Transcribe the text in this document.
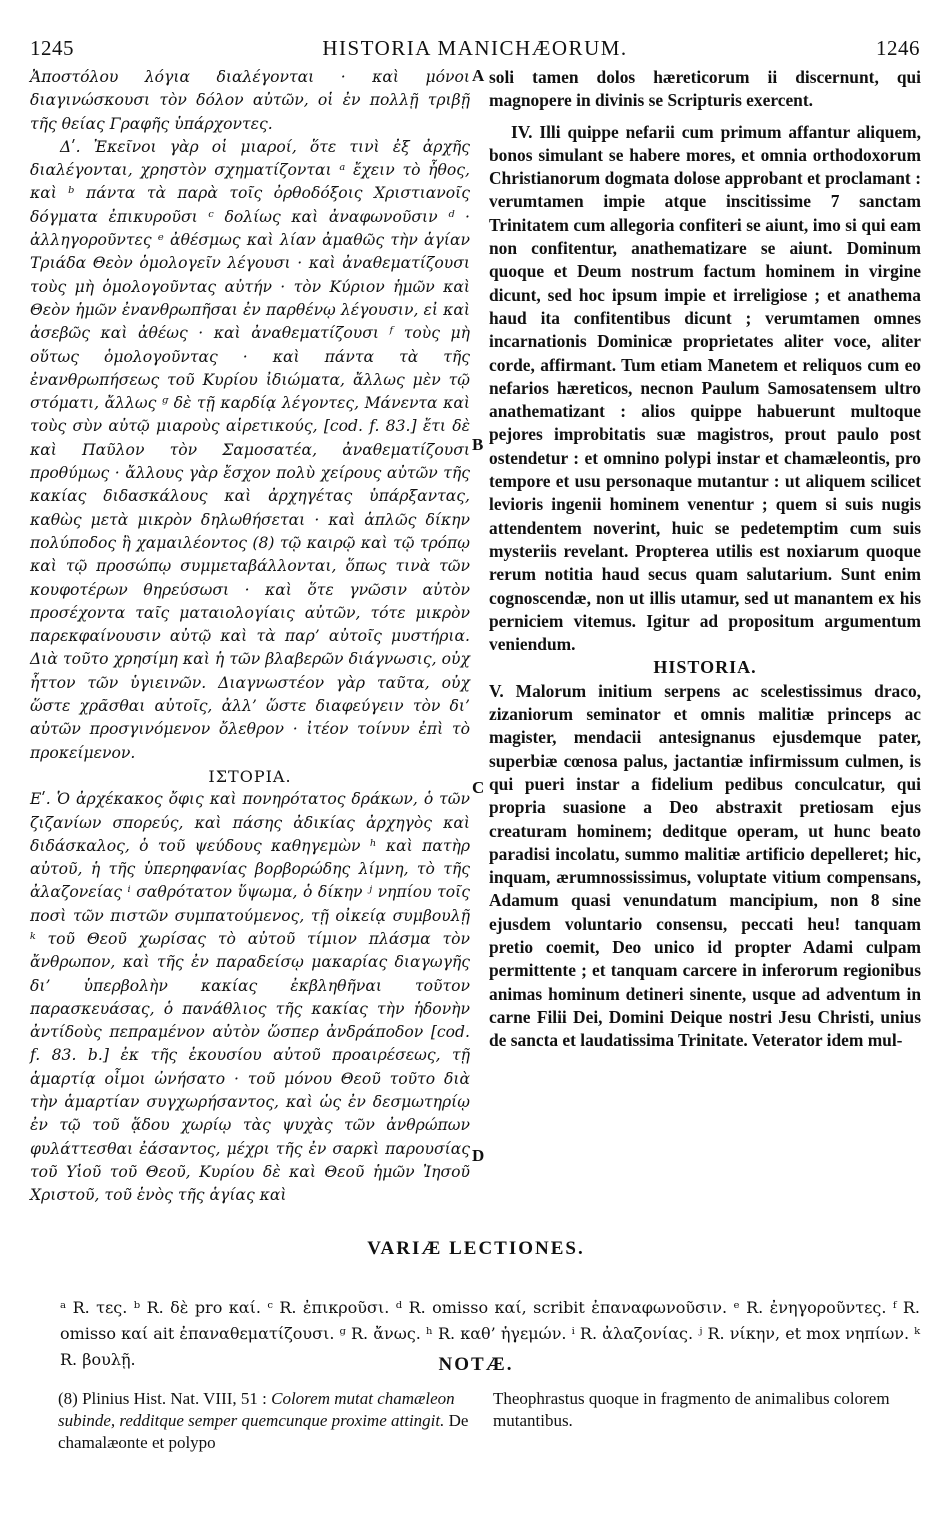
1245	HISTORIA MANICHÆORUM.	1246

Ἀποστόλου λόγια διαλέγονται · καὶ μόνοι διαγινώσκουσι τὸν δόλον αὐτῶν, οἱ ἐν πολλῇ τριβῇ τῆς θείας Γραφῆς ὑπάρχοντες.

Δʹ. Ἐκεῖνοι γὰρ οἱ μιαροί, ὅτε τινὶ ἐξ ἀρχῆς διαλέγονται, χρηστὸν σχηματίζονται ᵃ ἔχειν τὸ ἦθος, καὶ ᵇ πάντα τὰ παρὰ τοῖς ὀρθοδόξοις Χριστιανοῖς δόγματα ἐπικυροῦσι ᶜ δολίως καὶ ἀναφωνοῦσιν ᵈ · ἀλληγοροῦντες ᵉ ἀθέσμως καὶ λίαν ἀμαθῶς τὴν ἁγίαν Τριάδα Θεὸν ὁμολογεῖν λέγουσι · καὶ ἀναθεματίζουσι τοὺς μὴ ὁμολογοῦντας αὐτήν · τὸν Κύριον ἡμῶν καὶ Θεὸν ἡμῶν ἐνανθρωπῆσαι ἐν παρθένῳ λέγουσιν, εἰ καὶ ἀσεβῶς καὶ ἀθέως · καὶ ἀναθεματίζουσι ᶠ τοὺς μὴ οὕτως ὁμολογοῦντας · καὶ πάντα τὰ τῆς ἐνανθρωπήσεως τοῦ Κυρίου ἰδιώματα, ἄλλως μὲν τῷ στόματι, ἄλλως ᵍ δὲ τῇ καρδίᾳ λέγοντες, Μάνεντα καὶ τοὺς σὺν αὐτῷ μιαροὺς αἱρετικούς, [cod. f. 83.] ἔτι δὲ καὶ Παῦλον τὸν Σαμοσατέα, ἀναθεματίζουσι προθύμως · ἄλλους γὰρ ἔσχον πολὺ χείρους αὐτῶν τῆς κακίας διδασκάλους καὶ ἀρχηγέτας ὑπάρξαντας, καθὼς μετὰ μικρὸν δηλωθήσεται · καὶ ἁπλῶς δίκην πολύποδος ἢ χαμαιλέοντος (8) τῷ καιρῷ καὶ τῷ τρόπῳ καὶ τῷ προσώπῳ συμμεταβάλλονται, ὅπως τινὰ τῶν κουφοτέρων θηρεύσωσι · καὶ ὅτε γνῶσιν αὐτὸν προσέχοντα ταῖς ματαιολογίαις αὐτῶν, τότε μικρὸν παρεκφαίνουσιν αὐτῷ καὶ τὰ παρ’ αὐτοῖς μυστήρια. Διὰ τοῦτο χρησίμη καὶ ἡ τῶν βλαβερῶν διάγνωσις, οὐχ ἧττον τῶν ὑγιεινῶν. Διαγνωστέον γὰρ ταῦτα, οὐχ ὥστε χρᾶσθαι αὐτοῖς, ἀλλ’ ὥστε διαφεύγειν τὸν δι’ αὐτῶν προσγινόμενον ὄλεθρον · ἰτέον τοίνυν ἐπὶ τὸ προκείμενον.

ΙΣΤΟΡΙΑ.

Εʹ. Ὁ ἀρχέκακος ὄφις καὶ πονηρότατος δράκων, ὁ τῶν ζιζανίων σπορεύς, καὶ πάσης ἀδικίας ἀρχηγὸς καὶ διδάσκαλος, ὁ τοῦ ψεύδους καθηγεμὼν ʰ καὶ πατὴρ αὐτοῦ, ἡ τῆς ὑπερηφανίας βορβορώδης λίμνη, τὸ τῆς ἀλαζονείας ⁱ σαθρότατον ὕψωμα, ὁ δίκην ʲ νηπίου τοῖς ποσὶ τῶν πιστῶν συμπατούμενος, τῇ οἰκείᾳ συμβουλῇ ᵏ τοῦ Θεοῦ χωρίσας τὸ αὐτοῦ τίμιον πλάσμα τὸν ἄνθρωπον, καὶ τῆς ἐν παραδείσῳ μακαρίας διαγωγῆς δι’ ὑπερβολὴν κακίας ἐκβληθῆναι τοῦτον παρασκευάσας, ὁ πανάθλιος τῆς κακίας τὴν ἡδονὴν ἀντίδοὺς πεπραμένον αὐτὸν ὥσπερ ἀνδράποδον [cod. f. 83. b.] ἐκ τῆς ἑκουσίου αὐτοῦ προαιρέσεως, τῇ ἁμαρτίᾳ οἶμοι ὠνήσατο · τοῦ μόνου Θεοῦ τοῦτο διὰ τὴν ἁμαρτίαν συγχωρήσαντος, καὶ ὡς ἐν δεσμωτηρίῳ ἐν τῷ τοῦ ᾅδου χωρίῳ τὰς ψυχὰς τῶν ἀνθρώπων φυλάττεσθαι ἐάσαντος, μέχρι τῆς ἐν σαρκὶ παρουσίας τοῦ Υἱοῦ τοῦ Θεοῦ, Κυρίου δὲ καὶ Θεοῦ ἡμῶν Ἰησοῦ Χριστοῦ, τοῦ ἑνὸς τῆς ἁγίας καὶ

soli tamen dolos hæreticorum ii discernunt, qui magnopere in divinis se Scripturis exercent.

IV. Illi quippe nefarii cum primum affantur aliquem, bonos simulant se habere mores, et omnia orthodoxorum Christianorum dogmata dolose approbant et proclamant : verumtamen impie atque inscitissime 7 sanctam Trinitatem cum allegoria confiteri se aiunt, imo si qui eam non confitentur, anathematizare se aiunt. Dominum quoque et Deum nostrum factum hominem in virgine dicunt, sed hoc ipsum impie et irreligiose ; et anathema haud ita confitentibus dicunt ; verumtamen omnes incarnationis Dominicæ proprietates aliter voce, aliter corde, affirmant. Tum etiam Manetem et reliquos cum eo nefarios hæreticos, necnon Paulum Samosatensem ultro anathematizant : alios quippe habuerunt multoque pejores improbitatis suæ magistros, prout paulo post ostendetur : et omnino polypi instar et chamæleontis, pro tempore et usu personaque mutantur : ut aliquem scilicet levioris ingenii hominem venentur ; quem si suis nugis attendentem noverint, huic se pedetemptim cum suis mysteriis revelant. Propterea utilis est noxiarum quoque rerum notitia haud secus quam salutarium. Sunt enim cognoscendæ, non ut illis utamur, sed ut manantem ex his perniciem vitemus. Igitur ad propositum argumentum veniendum.

HISTORIA.

V. Malorum initium serpens ac scelestissimus draco, zizaniorum seminator et omnis malitiæ princeps ac magister, mendacii antesignanus ejusdemque pater, superbiæ cœnosa palus, jactantiæ infirmissum culmen, is qui pueri instar a fidelium pedibus conculcatur, qui propria suasione a Deo abstraxit pretiosam ejus creaturam hominem; deditque operam, ut hunc beato paradisi incolatu, summo malitiæ artificio depelleret; hic, inquam, ærumnossissimus, voluptate vitium compensans, Adamum quasi venundatum mancipium, non 8 sine ejusdem voluntario consensu, peccati heu! tanquam pretio coemit, Deo unico id propter Adami culpam permittente ; et tanquam carcere in inferorum regionibus animas hominum detineri sinente, usque ad adventum in carne Filii Dei, Domini Deique nostri Jesu Christi, unius de sancta et laudatissima Trinitate. Veterator idem mul-

A
B
C
D
VARIÆ LECTIONES.
ᵃ R. τες. ᵇ R. δὲ pro καί. ᶜ R. ἐπικροῦσι. ᵈ R. omisso καί, scribit ἐπαναφωνοῦσιν. ᵉ R. ἐνηγοροῦντες. ᶠ R. omisso καί ait ἐπαναθεματίζουσι. ᵍ R. ἄνως. ʰ R. καθ’ ἡγεμών. ⁱ R. ἀλαζονίας. ʲ R. νίκην, et mox νηπίων. ᵏ R. βουλῇ.	NOTÆ.
(8) Plinius Hist. Nat. VIII, 51 : Colorem mutat chamæleon subinde, redditque semper quemcunque proxime attingit. De chamalæonte et polypo
Theophrastus quoque in fragmento de animalibus colorem mutantibus.
